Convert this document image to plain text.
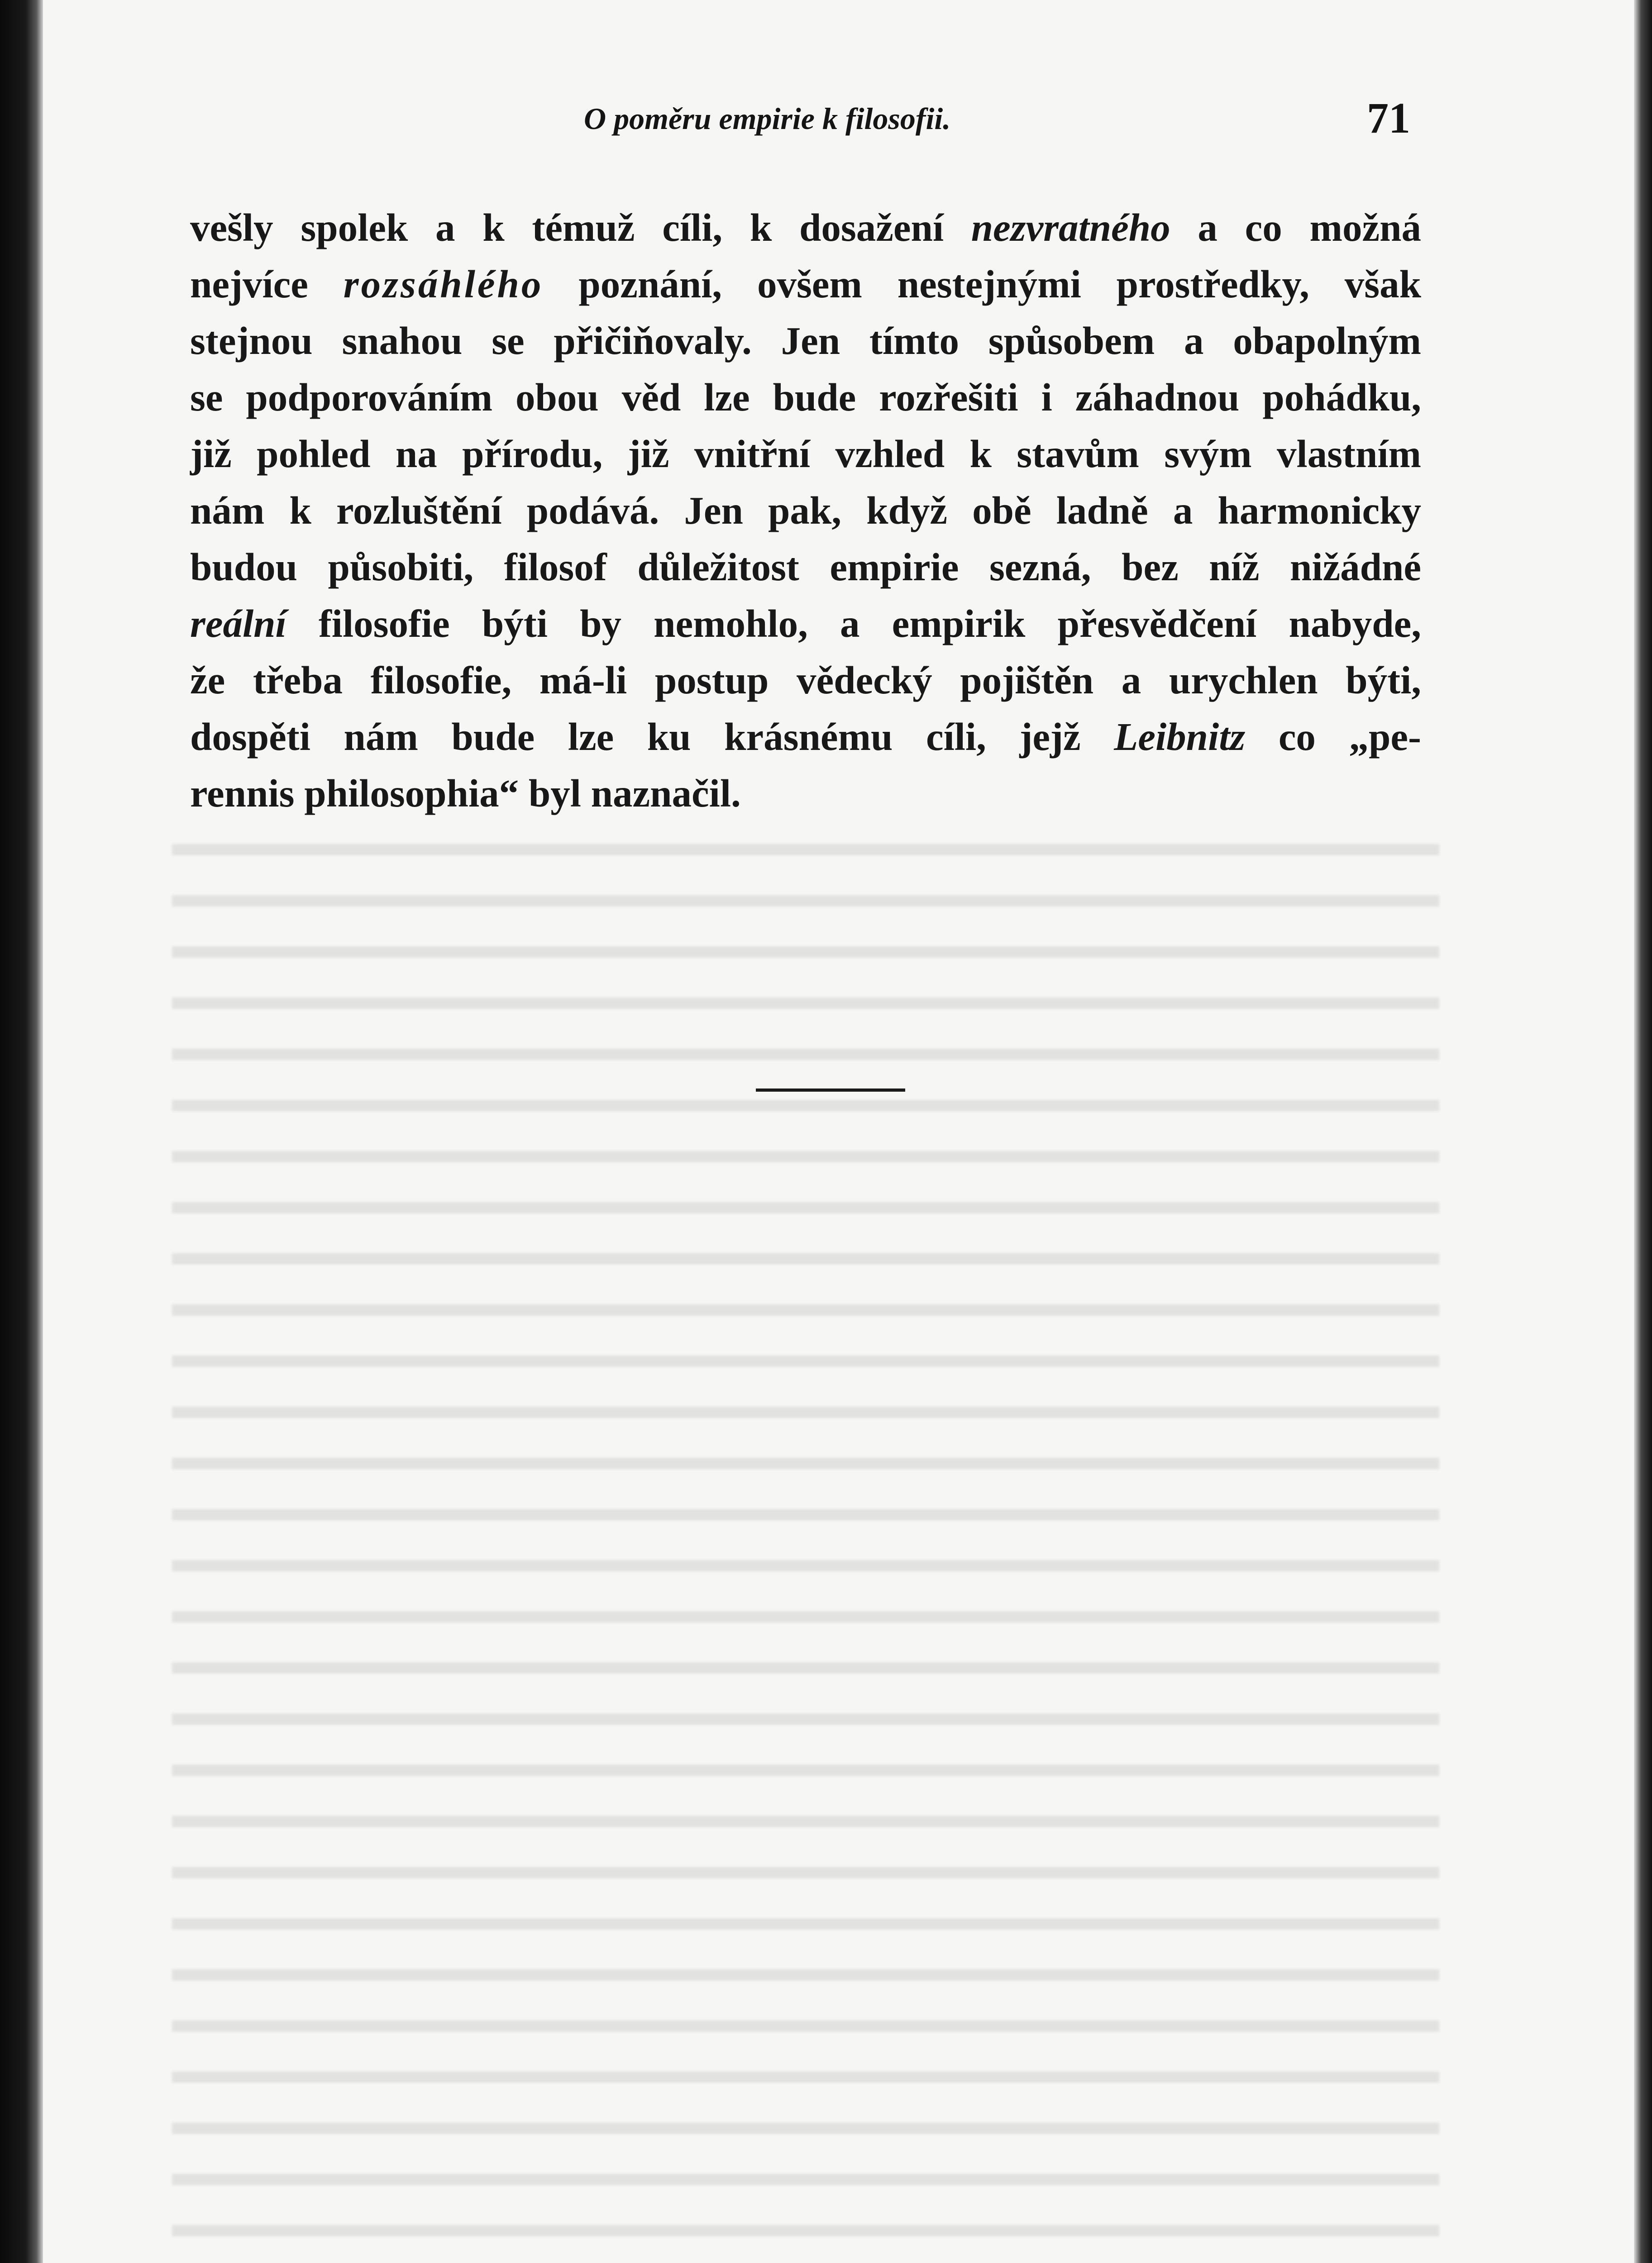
O poměru empirie k filosofii.	71
vešly spolek a k témuž cíli, k dosažení nezvratného a co možná
nejvíce rozsáhlého poznání, ovšem nestejnými prostředky, však
stejnou snahou se přičiňovaly. Jen tímto spůsobem a obapolným
se podporováním obou věd lze bude rozřešiti i záhadnou pohádku,
již pohled na přírodu, již vnitřní vzhled k stavům svým vlastním
nám k rozluštění podává. Jen pak, když obě ladně a harmonicky
budou působiti, filosof důležitost empirie sezná, bez níž nižádné
reální filosofie býti by nemohlo, a empirik přesvědčení nabyde,
že třeba filosofie, má-li postup vědecký pojištěn a urychlen býti,
dospěti nám bude lze ku krásnému cíli, jejž Leibnitz co „pe-
rennis philosophia“ byl naznačil.
